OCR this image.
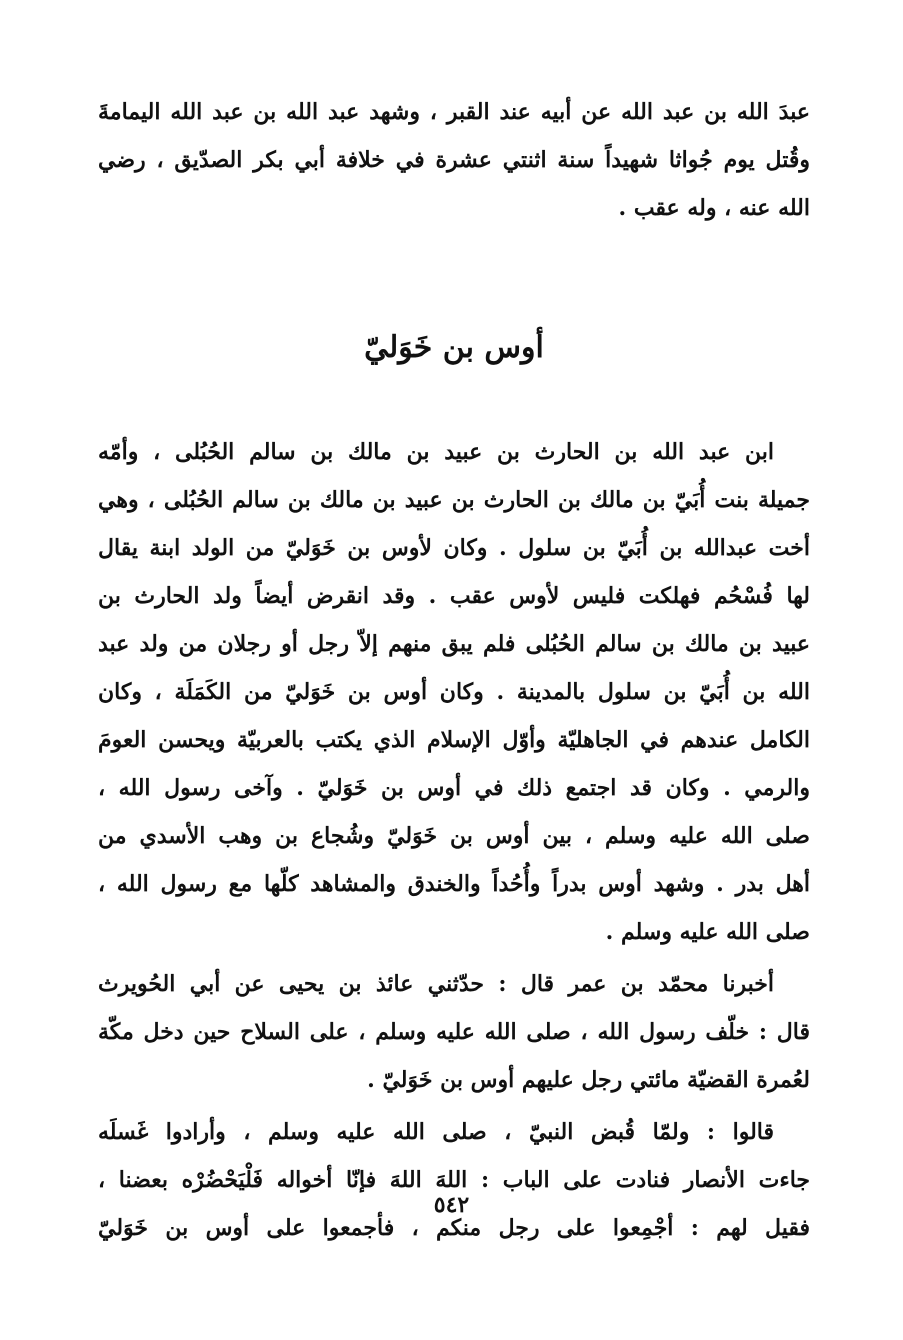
عبدَ الله بن عبد الله عن أبيه عند القبر ، وشهد عبد الله بن عبد الله اليمامةَ
وقُتل يوم جُواثا شهيداً سنة اثنتي عشرة في خلافة أبي بكر الصدّيق ، رضي
الله عنه ، وله عقب .
أوس بن خَوَليّ
ابن عبد الله بن الحارث بن عبيد بن مالك بن سالم الحُبُلى ، وأمّه
جميلة بنت أُبَيّ بن مالك بن الحارث بن عبيد بن مالك بن سالم الحُبُلى ، وهي
أخت عبدالله بن أُبَيّ بن سلول . وكان لأوس بن خَوَليّ من الولد ابنة يقال
لها فُسْحُم فهلكت فليس لأوس عقب . وقد انقرض أيضاً ولد الحارث بن
عبيد بن مالك بن سالم الحُبُلى فلم يبق منهم إلاّ رجل أو رجلان من ولد عبد
الله بن أُبَيّ بن سلول بالمدينة . وكان أوس بن خَوَليّ من الكَمَلَة ، وكان
الكامل عندهم في الجاهليّة وأوّل الإسلام الذي يكتب بالعربيّة ويحسن العومَ
والرمي . وكان قد اجتمع ذلك في أوس بن خَوَليّ . وآخى رسول الله ،
صلى الله عليه وسلم ، بين أوس بن خَوَليّ وشُجاع بن وهب الأسدي من
أهل بدر . وشهد أوس بدراً وأُحُداً والخندق والمشاهد كلّها مع رسول الله ،
صلى الله عليه وسلم .
أخبرنا محمّد بن عمر قال : حدّثني عائذ بن يحيى عن أبي الحُويرث
قال : خلّف رسول الله ، صلى الله عليه وسلم ، على السلاح حين دخل مكّة
لعُمرة القضيّة مائتي رجل عليهم أوس بن خَوَليّ .
قالوا : ولمّا قُبض النبيّ ، صلى الله عليه وسلم ، وأرادوا غَسلَه
جاءت الأنصار فنادت على الباب : اللهَ اللهَ فإنّا أخواله فَلْيَحْضُرْه بعضنا ،
فقيل لهم : أجْمِعوا على رجل منكم ، فأجمعوا على أوس بن خَوَليّ
٥٤٢
